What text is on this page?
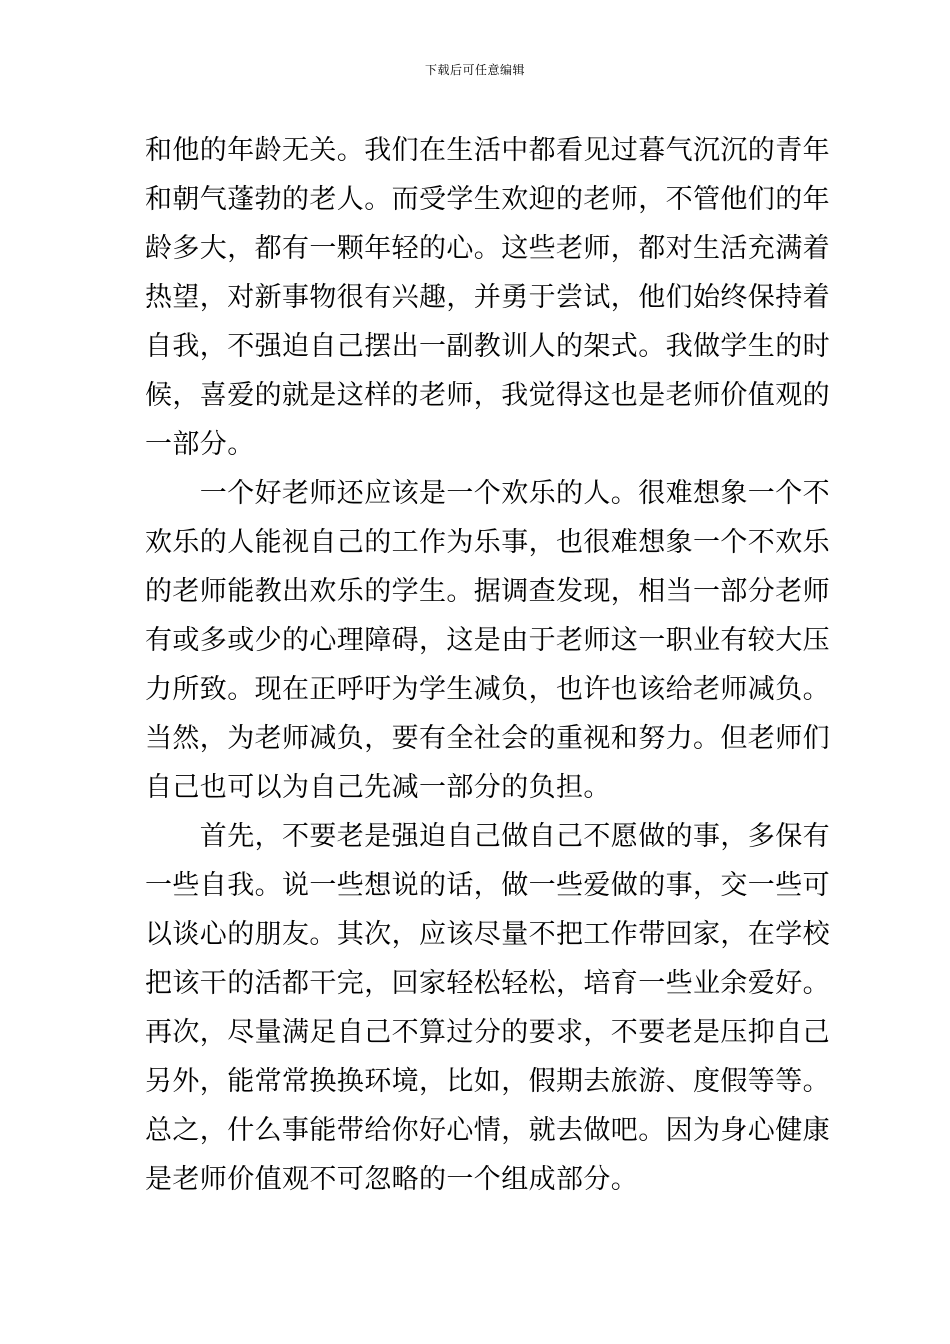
下载后可任意编辑
和他的年龄无关。我们在生活中都看见过暮气沉沉的青年
和朝气蓬勃的老人。而受学生欢迎的老师，不管他们的年
龄多大，都有一颗年轻的心。这些老师，都对生活充满着
热望，对新事物很有兴趣，并勇于尝试，他们始终保持着
自我，不强迫自己摆出一副教训人的架式。我做学生的时
候，喜爱的就是这样的老师，我觉得这也是老师价值观的
一部分。
　　一个好老师还应该是一个欢乐的人。很难想象一个不
欢乐的人能视自己的工作为乐事，也很难想象一个不欢乐
的老师能教出欢乐的学生。据调查发现，相当一部分老师
有或多或少的心理障碍，这是由于老师这一职业有较大压
力所致。现在正呼吁为学生减负，也许也该给老师减负。
当然，为老师减负，要有全社会的重视和努力。但老师们
自己也可以为自己先减一部分的负担。
　　首先，不要老是强迫自己做自己不愿做的事，多保有
一些自我。说一些想说的话，做一些爱做的事，交一些可
以谈心的朋友。其次，应该尽量不把工作带回家，在学校
把该干的活都干完，回家轻松轻松，培育一些业余爱好。
再次，尽量满足自己不算过分的要求，不要老是压抑自己
另外，能常常换换环境，比如，假期去旅游、度假等等。
总之，什么事能带给你好心情，就去做吧。因为身心健康
是老师价值观不可忽略的一个组成部分。
